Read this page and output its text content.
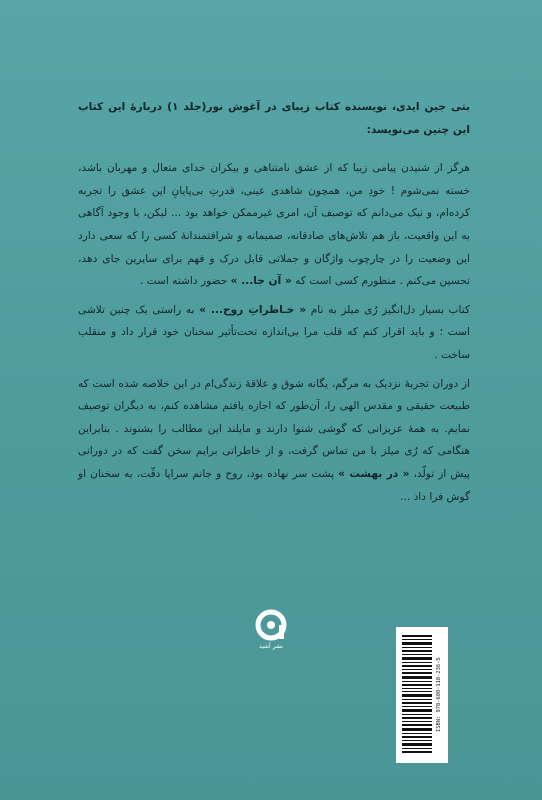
بتی جین ایدی، نویسنده کتاب زیبای در آغوش نور(جلد ۱) دربارهٔ این کتاب این چنین می‌نویسد:

هرگز از شنیدن پیامی زیبا که از عشق نامتناهی و بیکران خدای متعال و مهربان باشد، خسته نمی‌شوم ! خودِ من، همچون شاهدی عینی، قدرتِ بی‌پایانِ این عشق را تجربه کرده‌ام، و نیک می‌دانم که توصیف آن، امری غیرممکن خواهد بود ... لیکن، با وجود آگاهی به این واقعیت، باز هم تلاش‌های صادقانه، صمیمانه و شرافتمندانهٔ کسی را که سعی دارد این وضعیت را در چارچوب واژگان و جملاتی قابل درک و فهم برای سایرین جای دهد، تحسین می‌کنم . منظورم کسی است که « آن جا... » حضور داشته است .

کتاب بسیار دل‌انگیز رُی میلز به نام « خـاطراتِ روح... » به راستی یک چنین تلاشی است ؛ و باید اقرار کنم که قلب مرا بی‌اندازه تحت‌تأثیر سخنان خود قرار داد و منقلب ساخت .

از دوران تجربهٔ نزدیک به مرگم، یگانه شوق و علاقهٔ زندگی‌ام در این خلاصه شده است که طبیعت حقیقی و مقدس الهی را، آن‌طور که اجازه یافتم مشاهده کنم، به دیگران توصیف نمایم. به همهٔ عزیزانی که گوشی شنوا دارند و مایلند این مطالب را بشنوند . بنابراین هنگامی که رُی میلز با من تماس گرفت، و از خاطراتی برایم سخن گفت که در دورانی پیش از تولّد، « در بهشت » پشت سر نهاده بود، روح و جانم سراپا دقّت، به سخنان او گوش فرا داد ...

نشر آشید
ISBN: 978-600-118-236-5
